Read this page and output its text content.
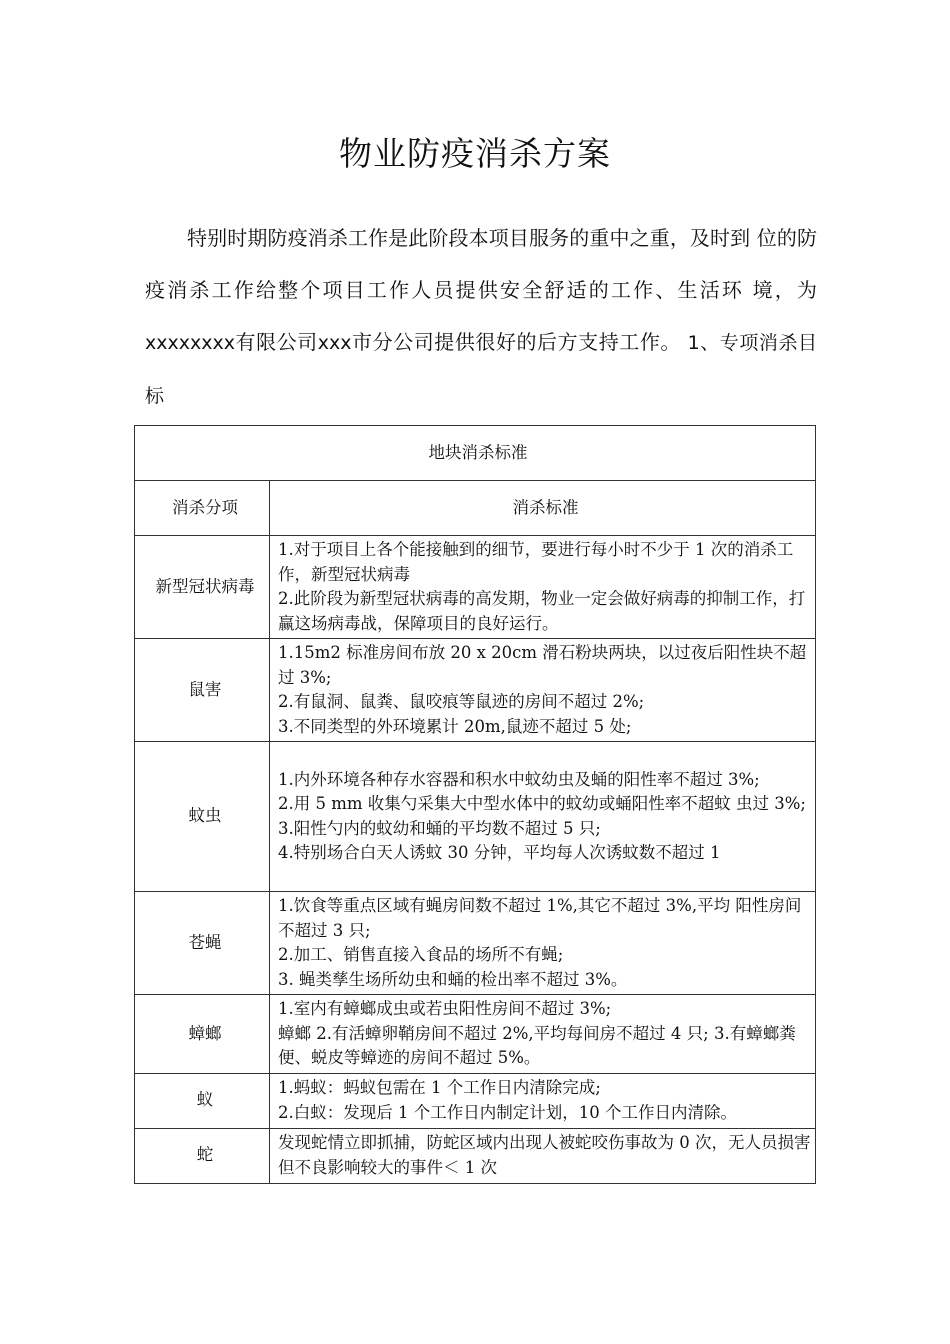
物业防疫消杀方案

特别时期防疫消杀工作是此阶段本项目服务的重中之重，及时到 位的防疫消杀工作给整个项目工作人员提供安全舒适的工作、生活环 境，为xxxxxxxx有限公司xxx市分公司提供很好的后方支持工作。 1、专项消杀目标

地块消杀标准	
消杀分项	消杀标准
新型冠状病毒	1.对于项目上各个能接触到的细节，要进行每小时不少于 1 次的消杀工作，新型冠状病毒
2.此阶段为新型冠状病毒的高发期，物业一定会做好病毒的抑制工作，打赢这场病毒战，保障项目的良好运行。

鼠害	1.15m2 标准房间布放 20 x 20cm 滑石粉块两块，以过夜后阳性块不超过 3%;
2.有鼠洞、鼠粪、鼠咬痕等鼠迹的房间不超过 2%;
3.不同类型的外环境累计 20m,鼠迹不超过 5 处;

蚊虫	1.内外环境各种存水容器和积水中蚊幼虫及蛹的阳性率不超过 3%;
2.用 5 mm 收集勺采集大中型水体中的蚊幼或蛹阳性率不超蚊 虫过 3%;
3.阳性勺内的蚊幼和蛹的平均数不超过 5 只;
4.特别场合白天人诱蚊 30 分钟，平均每人次诱蚊数不超过 1

苍蝇	1.饮食等重点区域有蝇房间数不超过 1%,其它不超过 3%,平均 阳性房间不超过 3 只;
2.加工、销售直接入食品的场所不有蝇;
3. 蝇类孳生场所幼虫和蛹的检出率不超过 3%。

蟑螂	1.室内有蟑螂成虫或若虫阳性房间不超过 3%;
蟑螂 2.有活蟑卵鞘房间不超过 2%,平均每间房不超过 4 只; 3.有蟑螂粪便、蜕皮等蟑迹的房间不超过 5%。

蚁	1.蚂蚁：蚂蚁包需在 1 个工作日内清除完成;
2.白蚁：发现后 1 个工作日内制定计划，10 个工作日内清除。

蛇	发现蛇情立即抓捕，防蛇区域内出现人被蛇咬伤事故为 0 次，无人员损害但不良影响较大的事件＜ 1 次
